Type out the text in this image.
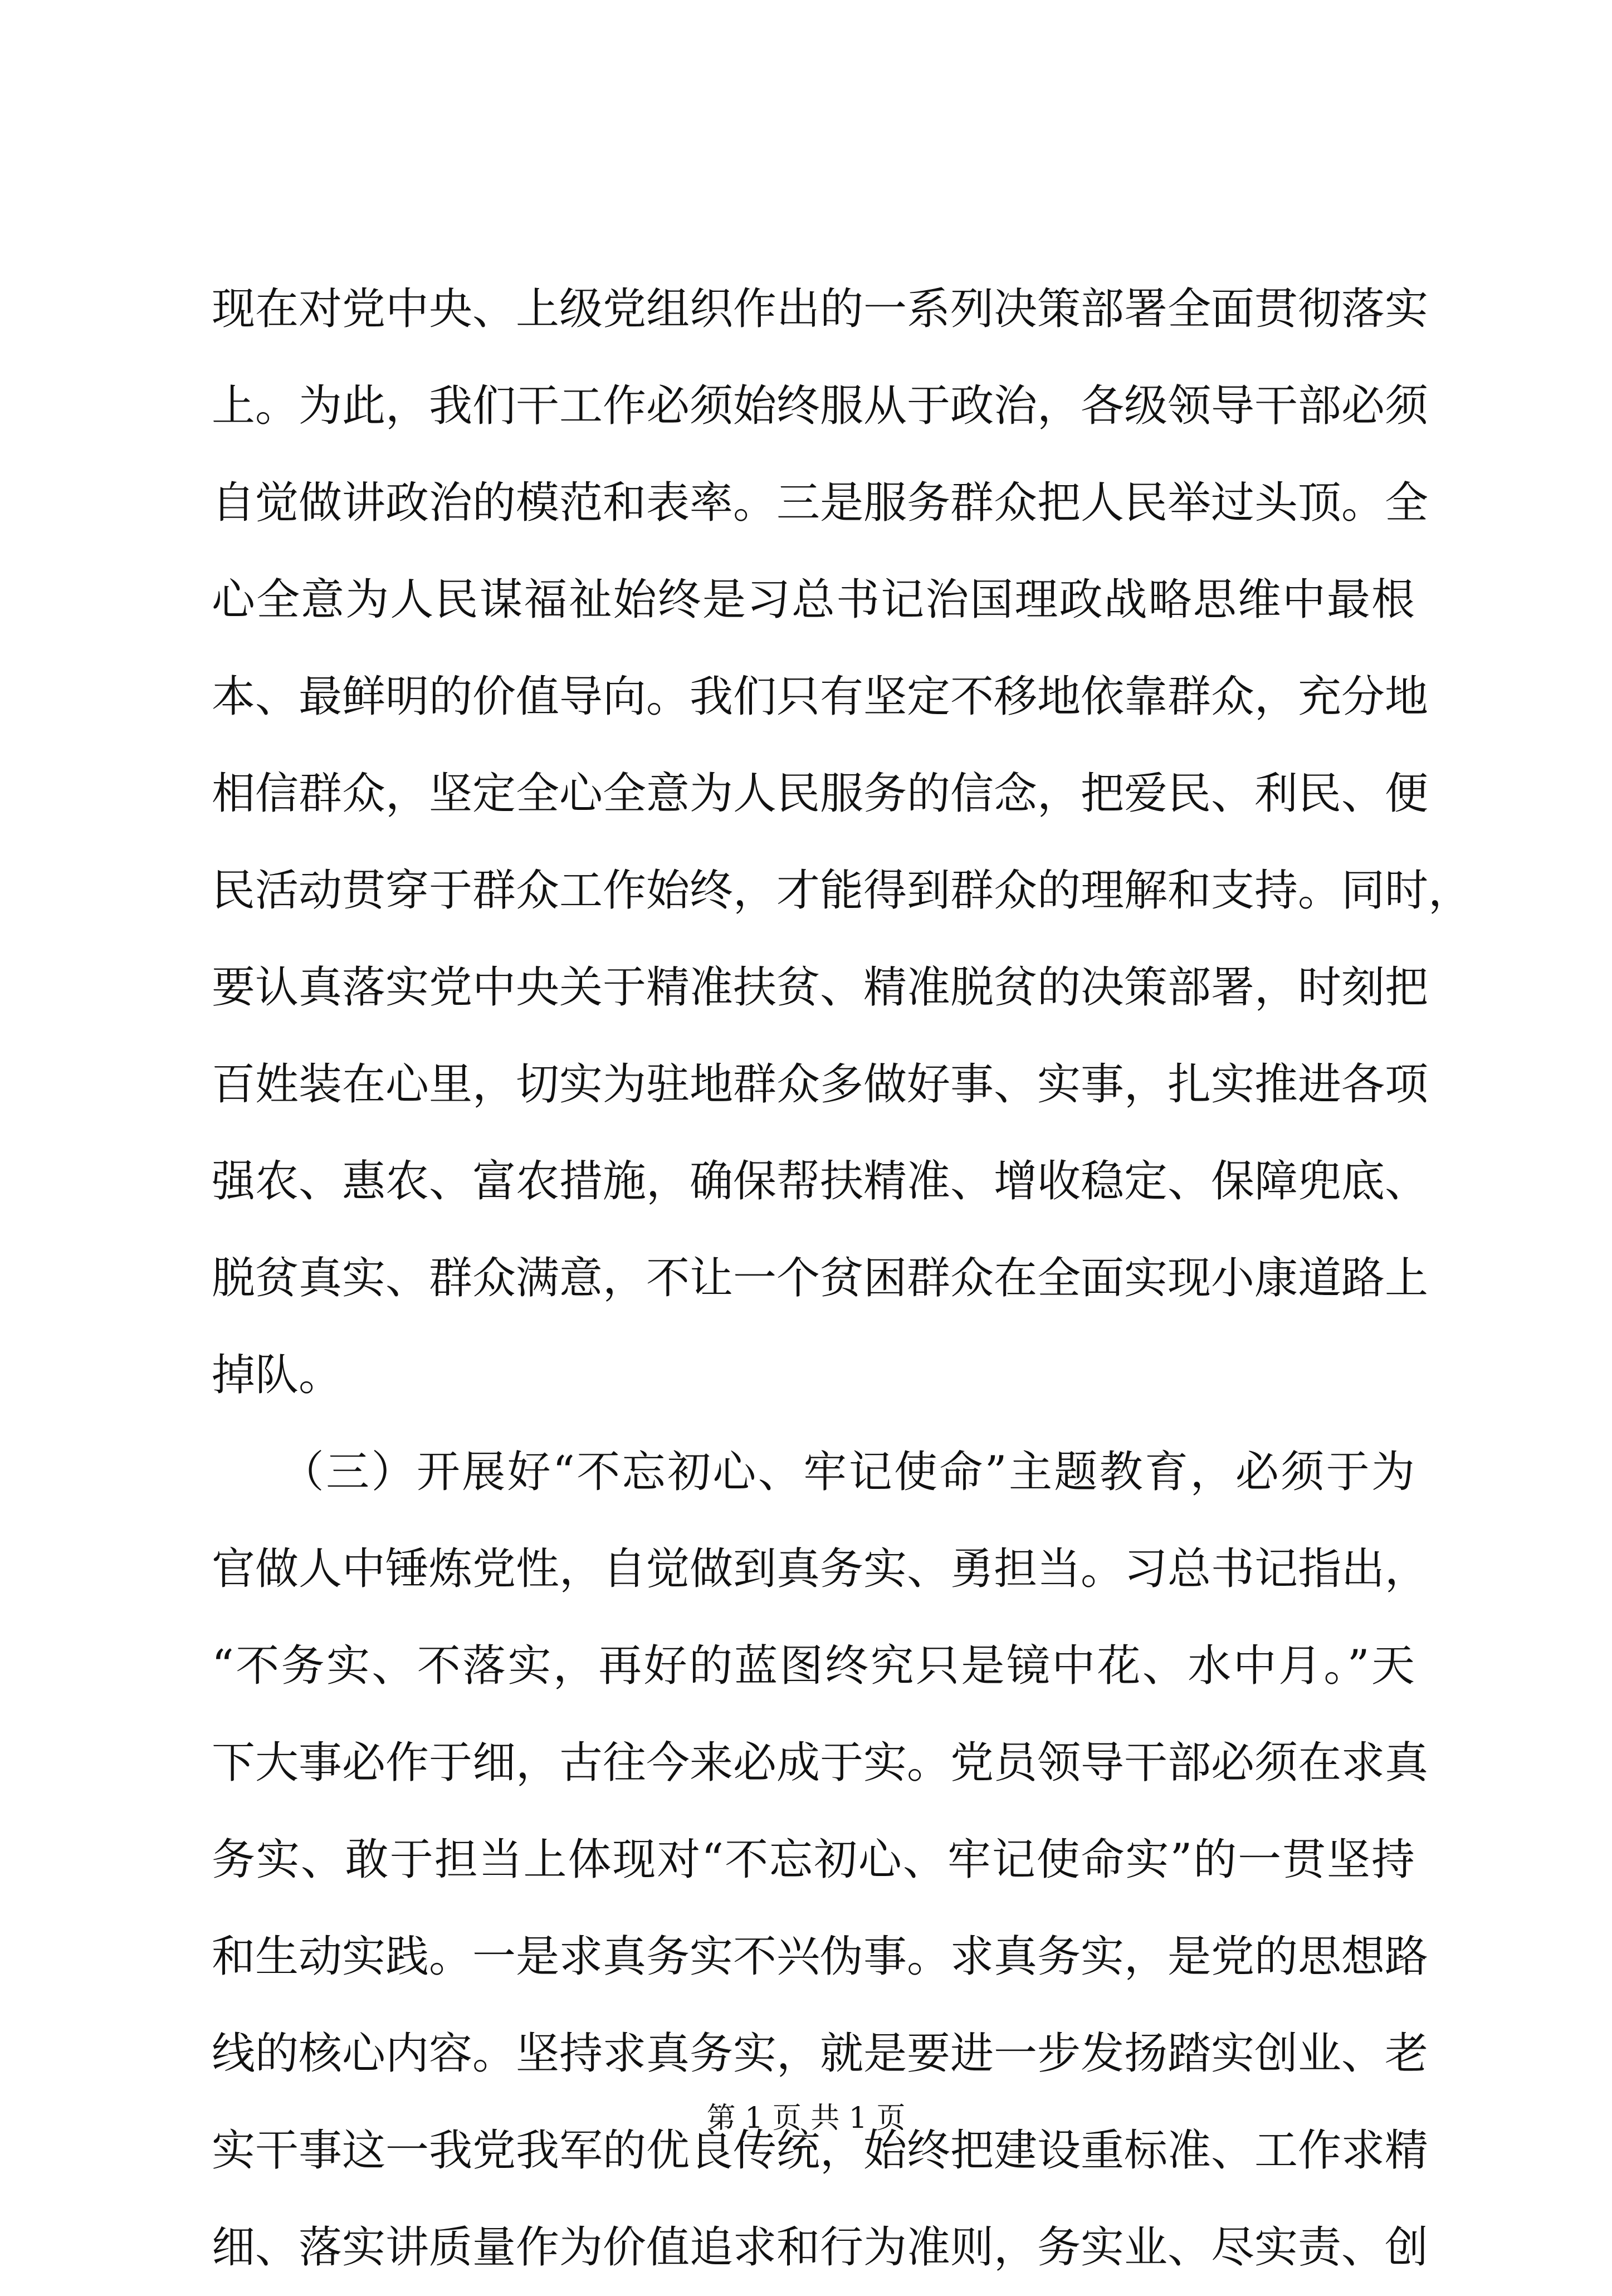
现在对党中央、上级党组织作出的一系列决策部署全面贯彻落实
上。为此，我们干工作必须始终服从于政治，各级领导干部必须
自觉做讲政治的模范和表率。三是服务群众把人民举过头顶。全
心全意为人民谋福祉始终是习总书记治国理政战略思维中最根
本、最鲜明的价值导向。我们只有坚定不移地依靠群众，充分地
相信群众，坚定全心全意为人民服务的信念，把爱民、利民、便
民活动贯穿于群众工作始终，才能得到群众的理解和支持。同时，
要认真落实党中央关于精准扶贫、精准脱贫的决策部署，时刻把
百姓装在心里，切实为驻地群众多做好事、实事，扎实推进各项
强农、惠农、富农措施，确保帮扶精准、增收稳定、保障兜底、
脱贫真实、群众满意，不让一个贫困群众在全面实现小康道路上
掉队。
　　（三）开展好“不忘初心、牢记使命”主题教育，必须于为
官做人中锤炼党性，自觉做到真务实、勇担当。习总书记指出，
“不务实、不落实，再好的蓝图终究只是镜中花、水中月。”天
下大事必作于细，古往今来必成于实。党员领导干部必须在求真
务实、敢于担当上体现对“不忘初心、牢记使命实”的一贯坚持
和生动实践。一是求真务实不兴伪事。求真务实，是党的思想路
线的核心内容。坚持求真务实，就是要进一步发扬踏实创业、老
实干事这一我党我军的优良传统，始终把建设重标准、工作求精
细、落实讲质量作为价值追求和行为准则，务实业、尽实责、创
第 1 页 共 1 页
